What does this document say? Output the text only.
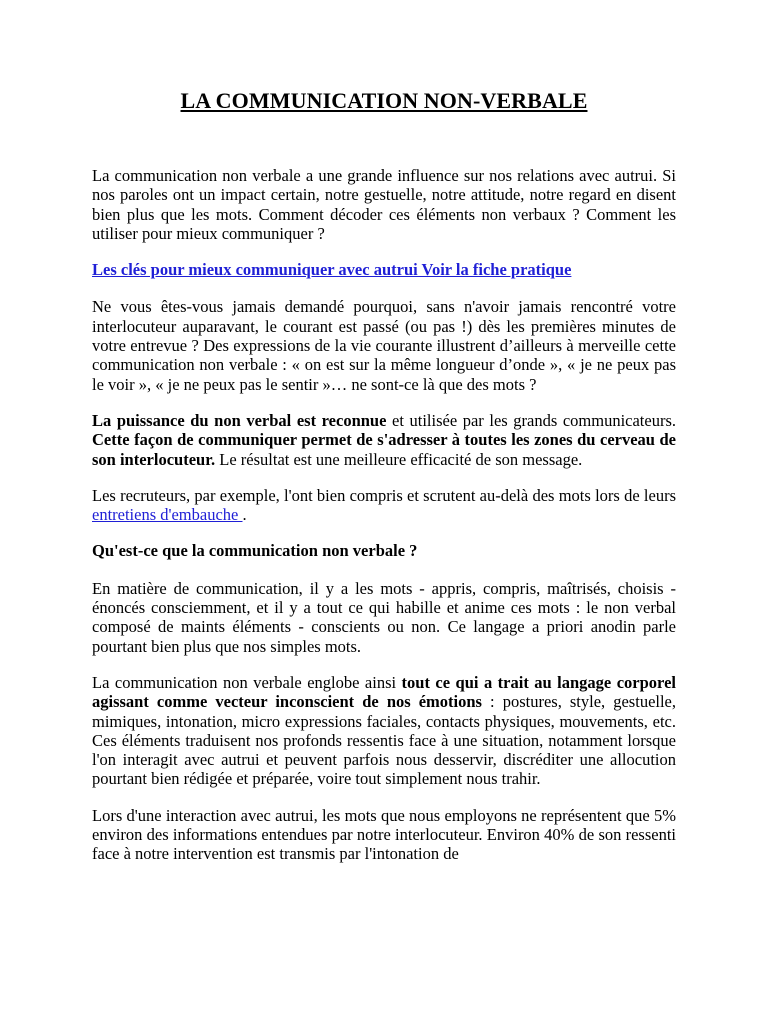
LA COMMUNICATION NON-VERBALE

La communication non verbale a une grande influence sur nos relations avec autrui. Si nos paroles ont un impact certain, notre gestuelle, notre attitude, notre regard en disent bien plus que les mots. Comment décoder ces éléments non verbaux ? Comment les utiliser pour mieux communiquer ?

Les clés pour mieux communiquer avec autrui Voir la fiche pratique

Ne vous êtes-vous jamais demandé pourquoi, sans n'avoir jamais rencontré votre interlocuteur auparavant, le courant est passé (ou pas !) dès les premières minutes de votre entrevue ? Des expressions de la vie courante illustrent d’ailleurs à merveille cette communication non verbale : « on est sur la même longueur d’onde », « je ne peux pas le voir », « je ne peux pas le sentir »… ne sont-ce là que des mots ?

La puissance du non verbal est reconnue et utilisée par les grands communicateurs. Cette façon de communiquer permet de s'adresser à toutes les zones du cerveau de son interlocuteur. Le résultat est une meilleure efficacité de son message.

Les recruteurs, par exemple, l'ont bien compris et scrutent au-delà des mots lors de leurs entretiens d'embauche .

Qu'est-ce que la communication non verbale ?

En matière de communication, il y a les mots - appris, compris, maîtrisés, choisis - énoncés consciemment, et il y a tout ce qui habille et anime ces mots : le non verbal composé de maints éléments - conscients ou non. Ce langage a priori anodin parle pourtant bien plus que nos simples mots.

La communication non verbale englobe ainsi tout ce qui a trait au langage corporel agissant comme vecteur inconscient de nos émotions : postures, style, gestuelle, mimiques, intonation, micro expressions faciales, contacts physiques, mouvements, etc. Ces éléments traduisent nos profonds ressentis face à une situation, notamment lorsque l'on interagit avec autrui et peuvent parfois nous desservir, discréditer une allocution pourtant bien rédigée et préparée, voire tout simplement nous trahir.

Lors d'une interaction avec autrui, les mots que nous employons ne représentent que 5% environ des informations entendues par notre interlocuteur. Environ 40% de son ressenti face à notre intervention est transmis par l'intonation de
